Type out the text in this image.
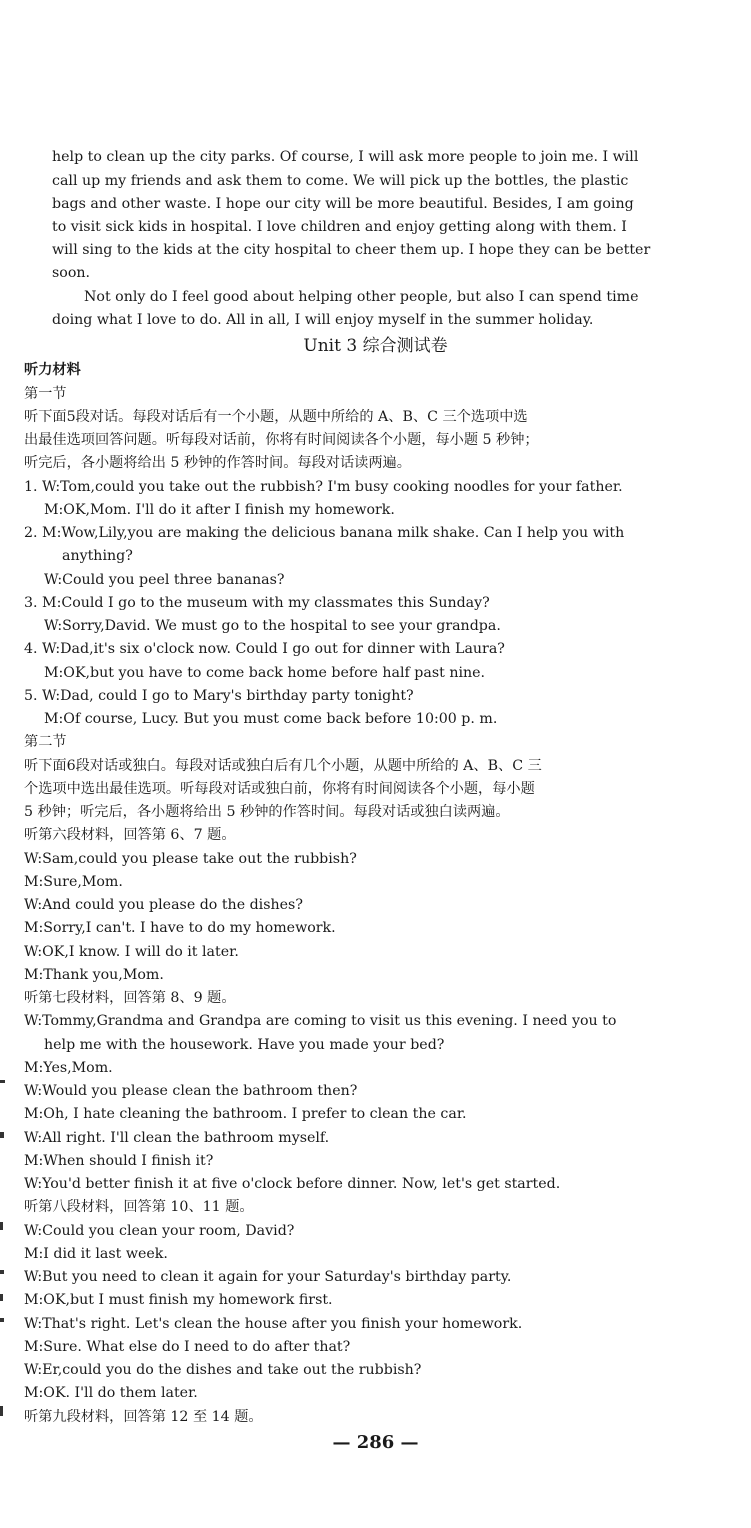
help to clean up the city parks. Of course, I will ask more people to join me. I will
call up my friends and ask them to come. We will pick up the bottles, the plastic
bags and other waste. I hope our city will be more beautiful. Besides, I am going
to visit sick kids in hospital. I love children and enjoy getting along with them. I
will sing to the kids at the city hospital to cheer them up. I hope they can be better
soon.
Not only do I feel good about helping other people, but also I can spend time
doing what I love to do. All in all, I will enjoy myself in the summer holiday.
Unit 3 综合测试卷
听力材料
第一节
听下面5段对话。每段对话后有一个小题，从题中所给的 A、B、C 三个选项中选
出最佳选项回答问题。听每段对话前，你将有时间阅读各个小题，每小题 5 秒钟；
听完后，各小题将给出 5 秒钟的作答时间。每段对话读两遍。
1. W:Tom,could you take out the rubbish? I'm busy cooking noodles for your father.
M:OK,Mom. I'll do it after I finish my homework.
2. M:Wow,Lily,you are making the delicious banana milk shake. Can I help you with
anything?
W:Could you peel three bananas?
3. M:Could I go to the museum with my classmates this Sunday?
W:Sorry,David. We must go to the hospital to see your grandpa.
4. W:Dad,it's six o'clock now. Could I go out for dinner with Laura?
M:OK,but you have to come back home before half past nine.
5. W:Dad, could I go to Mary's birthday party tonight?
M:Of course, Lucy. But you must come back before 10:00 p. m.
第二节
听下面6段对话或独白。每段对话或独白后有几个小题，从题中所给的 A、B、C 三
个选项中选出最佳选项。听每段对话或独白前，你将有时间阅读各个小题，每小题
5 秒钟；听完后，各小题将给出 5 秒钟的作答时间。每段对话或独白读两遍。
听第六段材料，回答第 6、7 题。
W:Sam,could you please take out the rubbish?
M:Sure,Mom.
W:And could you please do the dishes?
M:Sorry,I can't. I have to do my homework.
W:OK,I know. I will do it later.
M:Thank you,Mom.
听第七段材料，回答第 8、9 题。
W:Tommy,Grandma and Grandpa are coming to visit us this evening. I need you to
help me with the housework. Have you made your bed?
M:Yes,Mom.
W:Would you please clean the bathroom then?
M:Oh, I hate cleaning the bathroom. I prefer to clean the car.
W:All right. I'll clean the bathroom myself.
M:When should I finish it?
W:You'd better finish it at five o'clock before dinner. Now, let's get started.
听第八段材料，回答第 10、11 题。
W:Could you clean your room, David?
M:I did it last week.
W:But you need to clean it again for your Saturday's birthday party.
M:OK,but I must finish my homework first.
W:That's right. Let's clean the house after you finish your homework.
M:Sure. What else do I need to do after that?
W:Er,could you do the dishes and take out the rubbish?
M:OK. I'll do them later.
听第九段材料，回答第 12 至 14 题。
— 286 —
